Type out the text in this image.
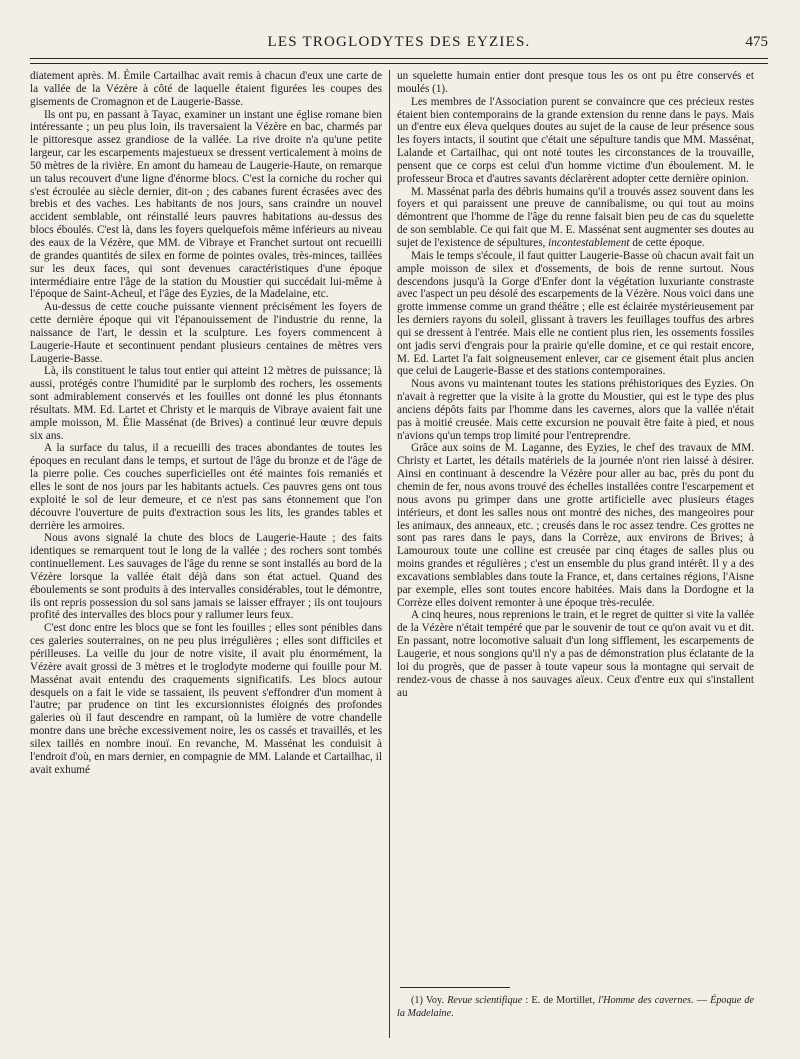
LES TROGLODYTES DES EYZIES.	475

diatement après. M. Émile Cartailhac avait remis à chacun d'eux une carte de la vallée de la Vézère à côté de laquelle étaient figurées les coupes des gisements de Cromagnon et de Laugerie-Basse.

Ils ont pu, en passant à Tayac, examiner un instant une église romane bien intéressante ; un peu plus loin, ils traversaient la Vézère en bac, charmés par le pittoresque assez grandiose de la vallée. La rive droite n'a qu'une petite largeur, car les escarpements majestueux se dressent verticalement à moins de 50 mètres de la rivière. En amont du hameau de Laugerie-Haute, on remarque un talus recouvert d'une ligne d'énorme blocs. C'est la corniche du rocher qui s'est écroulée au siècle dernier, dit-on ; des cabanes furent écrasées avec des brebis et des vaches. Les habitants de nos jours, sans craindre un nouvel accident semblable, ont réinstallé leurs pauvres habitations au-dessus des blocs éboulés. C'est là, dans les foyers quelquefois même inférieurs au niveau des eaux de la Vézère, que MM. de Vibraye et Franchet surtout ont recueilli de grandes quantités de silex en forme de pointes ovales, très-minces, taillées sur les deux faces, qui sont devenues caractéristiques d'une époque intermédiaire entre l'âge de la station du Moustier qui succédait lui-même à l'époque de Saint-Acheul, et l'âge des Eyzies, de la Madelaine, etc.

Au-dessus de cette couche puissante viennent précisément les foyers de cette dernière époque qui vit l'épanouissement de l'industrie du renne, la naissance de l'art, le dessin et la sculpture. Les foyers commencent à Laugerie-Haute et secontinuent pendant plusieurs centaines de mètres vers Laugerie-Basse.

Là, ils constituent le talus tout entier qui atteint 12 mètres de puissance; là aussi, protégés contre l'humidité par le surplomb des rochers, les ossements sont admirablement conservés et les fouilles ont donné les plus étonnants résultats. MM. Ed. Lartet et Christy et le marquis de Vibraye avaient fait une ample moisson, M. Élie Massénat (de Brives) a continué leur œuvre depuis six ans.

A la surface du talus, il a recueilli des traces abondantes de toutes les époques en reculant dans le temps, et surtout de l'âge du bronze et de l'âge de la pierre polie. Ces couches superficielles ont été maintes fois remaniés et elles le sont de nos jours par les habitants actuels. Ces pauvres gens ont tous exploité le sol de leur demeure, et ce n'est pas sans étonnement que l'on découvre l'ouverture de puits d'extraction sous les lits, les grandes tables et derrière les armoires.

Nous avons signalé la chute des blocs de Laugerie-Haute ; des faits identiques se remarquent tout le long de la vallée ; des rochers sont tombés continuellement. Les sauvages de l'âge du renne se sont installés au bord de la Vézère lorsque la vallée était déjà dans son état actuel. Quand des éboulements se sont produits à des intervalles considérables, tout le démontre, ils ont repris possession du sol sans jamais se laisser effrayer ; ils ont toujours profité des intervalles des blocs pour y rallumer leurs feux.

C'est donc entre les blocs que se font les fouilles ; elles sont pénibles dans ces galeries souterraines, on ne peu plus irrégulières ; elles sont difficiles et périlleuses. La veille du jour de notre visite, il avait plu énormément, la Vézère avait grossi de 3 mètres et le troglodyte moderne qui fouille pour M. Massénat avait entendu des craquements significatifs. Les blocs autour desquels on a fait le vide se tassaient, ils peuvent s'effondrer d'un moment à l'autre; par prudence on tint les excursionnistes éloignés des profondes galeries où il faut descendre en rampant, où la lumière de votre chandelle montre dans une brèche excessivement noire, les os cassés et travaillés, et les silex taillés en nombre inouï. En revanche, M. Massénat les conduisit à l'endroit d'où, en mars dernier, en compagnie de MM. Lalande et Cartailhac, il avait exhumé

un squelette humain entier dont presque tous les os ont pu être conservés et moulés (1).

Les membres de l'Association purent se convaincre que ces précieux restes étaient bien contemporains de la grande extension du renne dans le pays. Mais un d'entre eux éleva quelques doutes au sujet de la cause de leur présence sous les foyers intacts, il soutint que c'était une sépulture tandis que MM. Massénat, Lalande et Cartailhac, qui ont noté toutes les circonstances de la trouvaille, pensent que ce corps est celui d'un homme victime d'un éboulement. M. le professeur Broca et d'autres savants déclarèrent adopter cette dernière opinion.

M. Massénat parla des débris humains qu'il a trouvés assez souvent dans les foyers et qui paraissent une preuve de cannibalisme, ou qui tout au moins démontrent que l'homme de l'âge du renne faisait bien peu de cas du squelette de son semblable. Ce qui fait que M. E. Massénat sent augmenter ses doutes au sujet de l'existence de sépultures, incontestablement de cette époque.

Mais le temps s'écoule, il faut quitter Laugerie-Basse où chacun avait fait un ample moisson de silex et d'ossements, de bois de renne surtout. Nous descendons jusqu'à la Gorge d'Enfer dont la végétation luxuriante constraste avec l'aspect un peu désolé des escarpements de la Vézère. Nous voici dans une grotte immense comme un grand théâtre ; elle est éclairée mystérieusement par les derniers rayons du soleil, glissant à travers les feuillages touffus des arbres qui se dressent à l'entrée. Mais elle ne contient plus rien, les ossements fossiles ont jadis servi d'engrais pour la prairie qu'elle domine, et ce qui restait encore, M. Ed. Lartet l'a fait soigneusement enlever, car ce gisement était plus ancien que celui de Laugerie-Basse et des stations contemporaines.

Nous avons vu maintenant toutes les stations préhistoriques des Eyzies. On n'avait à regretter que la visite à la grotte du Moustier, qui est le type des plus anciens dépôts faits par l'homme dans les cavernes, alors que la vallée n'était pas à moitié creusée. Mais cette excursion ne pouvait être faite à pied, et nous n'avions qu'un temps trop limité pour l'entreprendre.

Grâce aux soins de M. Laganne, des Eyzies, le chef des travaux de MM. Christy et Lartet, les détails matériels de la journée n'ont rien laissé à désirer. Ainsi en continuant à descendre la Vézère pour aller au bac, près du pont du chemin de fer, nous avons trouvé des échelles installées contre l'escarpement et nous avons pu grimper dans une grotte artificielle avec plusieurs étages intérieurs, et dont les salles nous ont montré des niches, des mangeoires pour les animaux, des anneaux, etc. ; creusés dans le roc assez tendre. Ces grottes ne sont pas rares dans le pays, dans la Corrèze, aux environs de Brives; à Lamouroux toute une colline est creusée par cinq étages de salles plus ou moins grandes et régulières ; c'est un ensemble du plus grand intérêt. Il y a des excavations semblables dans toute la France, et, dans certaines régions, l'Aisne par exemple, elles sont toutes encore habitées. Mais dans la Dordogne et la Corrèze elles doivent remonter à une époque très-reculée.

A cinq heures, nous reprenions le train, et le regret de quitter si vite la vallée de la Vézère n'était tempéré que par le souvenir de tout ce qu'on avait vu et dit. En passant, notre locomotive saluait d'un long sifflement, les escarpements de Laugerie, et nous songions qu'il n'y a pas de démonstration plus éclatante de la loi du progrès, que de passer à toute vapeur sous la montagne qui servait de rendez-vous de chasse à nos sauvages aïeux. Ceux d'entre eux qui s'installent au

(1) Voy. Revue scientifique : E. de Mortillet, l'Homme des cavernes. — Époque de la Madelaine.
